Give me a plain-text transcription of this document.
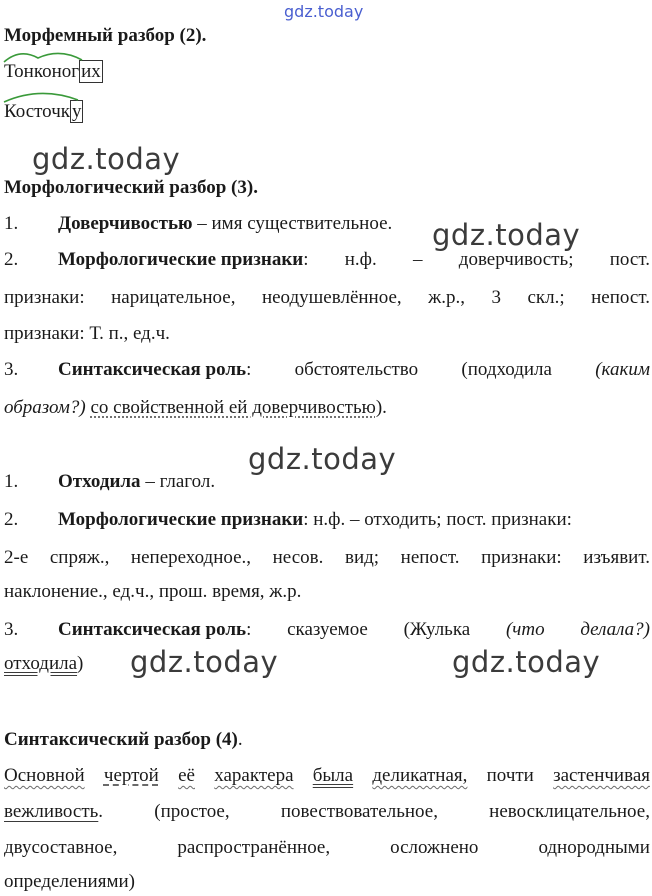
gdz.today
gdz.today
gdz.today
gdz.today
gdz.today	gdz.today
Морфемный разбор (2).
Тонконог их
Косточк у
Морфологический разбор (3).
1. Доверчивостью – имя существительное.
2. Морфологические признаки: н.ф. – доверчивость; пост.
признаки: нарицательное, неодушевлённое, ж.р., 3 скл.; непост.
признаки: Т. п., ед.ч.
3. Синтаксическая роль: обстоятельство (подходила (каким
образом?) со свойственной ей доверчивостью).
1. Отходила – глагол.
2. Морфологические признаки: н.ф. – отходить; пост. признаки:
2-е спряж., непереходное., несов. вид; непост. признаки: изъявит.
наклонение., ед.ч., прош. время, ж.р.
3. Синтаксическая роль: сказуемое (Жулька (что делала?)
отходила)
Синтаксический разбор (4).
Основной чертой её характера была деликатная, почти застенчивая
вежливость.	(простое,	повествовательное,	невосклицательное,
двусоставное,	распространённое,	осложнено	однородными
определениями)
